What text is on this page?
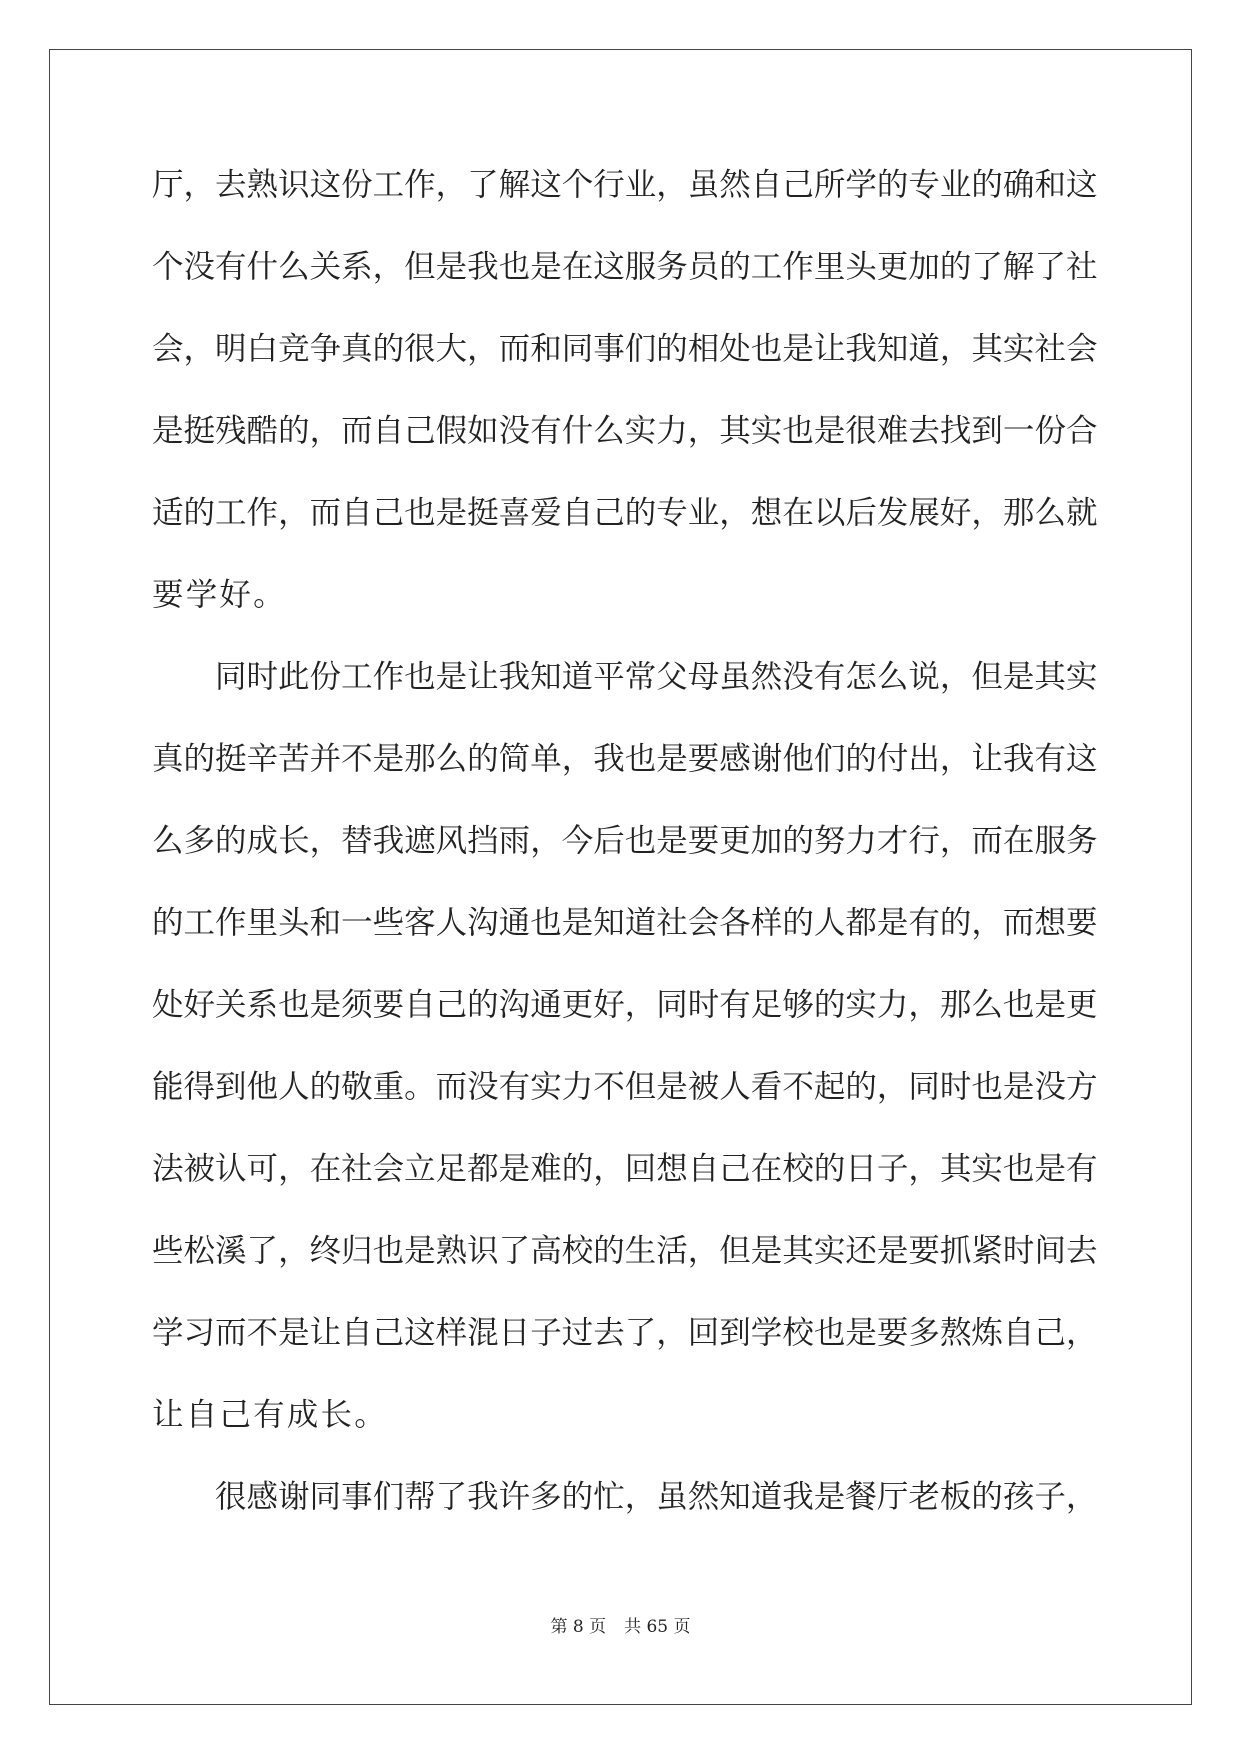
厅 ， 去 熟 识 这 份 工 作 ， 了 解 这 个 行 业 ， 虽 然 自 己 所 学 的 专 业 的 确 和 这
个 没 有 什 么 关 系 ， 但 是 我 也 是 在 这 服 务 员 的 工 作 里 头 更 加 的 了 解 了 社
会 ， 明 白 竞 争 真 的 很 大 ， 而 和 同 事 们 的 相 处 也 是 让 我 知 道 ， 其 实 社 会
是 挺 残 酷 的 ， 而 自 己 假 如 没 有 什 么 实 力 ， 其 实 也 是 很 难 去 找 到 一 份 合
适 的 工 作 ， 而 自 己 也 是 挺 喜 爱 自 己 的 专 业 ， 想 在 以 后 发 展 好 ， 那 么 就
要学好。
同 时 此 份 工 作 也 是 让 我 知 道 平 常 父 母 虽 然 没 有 怎 么 说 ， 但 是 其 实
真 的 挺 辛 苦 并 不 是 那 么 的 简 单 ， 我 也 是 要 感 谢 他 们 的 付 出 ， 让 我 有 这
么 多 的 成 长 ， 替 我 遮 风 挡 雨 ， 今 后 也 是 要 更 加 的 努 力 才 行 ， 而 在 服 务
的 工 作 里 头 和 一 些 客 人 沟 通 也 是 知 道 社 会 各 样 的 人 都 是 有 的 ， 而 想 要
处 好 关 系 也 是 须 要 自 己 的 沟 通 更 好 ， 同 时 有 足 够 的 实 力 ， 那 么 也 是 更
能 得 到 他 人 的 敬 重 。 而 没 有 实 力 不 但 是 被 人 看 不 起 的 ， 同 时 也 是 没 方
法 被 认 可 ， 在 社 会 立 足 都 是 难 的 ， 回 想 自 己 在 校 的 日 子 ， 其 实 也 是 有
些 松 溪 了 ， 终 归 也 是 熟 识 了 高 校 的 生 活 ， 但 是 其 实 还 是 要 抓 紧 时 间 去
学 习 而 不 是 让 自 己 这 样 混 日 子 过 去 了 ， 回 到 学 校 也 是 要 多 熬 炼 自 己 ，
让自己有成长。
很 感 谢 同 事 们 帮 了 我 许 多 的 忙 ， 虽 然 知 道 我 是 餐 厅 老 板 的 孩 子 ，
第 8 页 共 65 页
